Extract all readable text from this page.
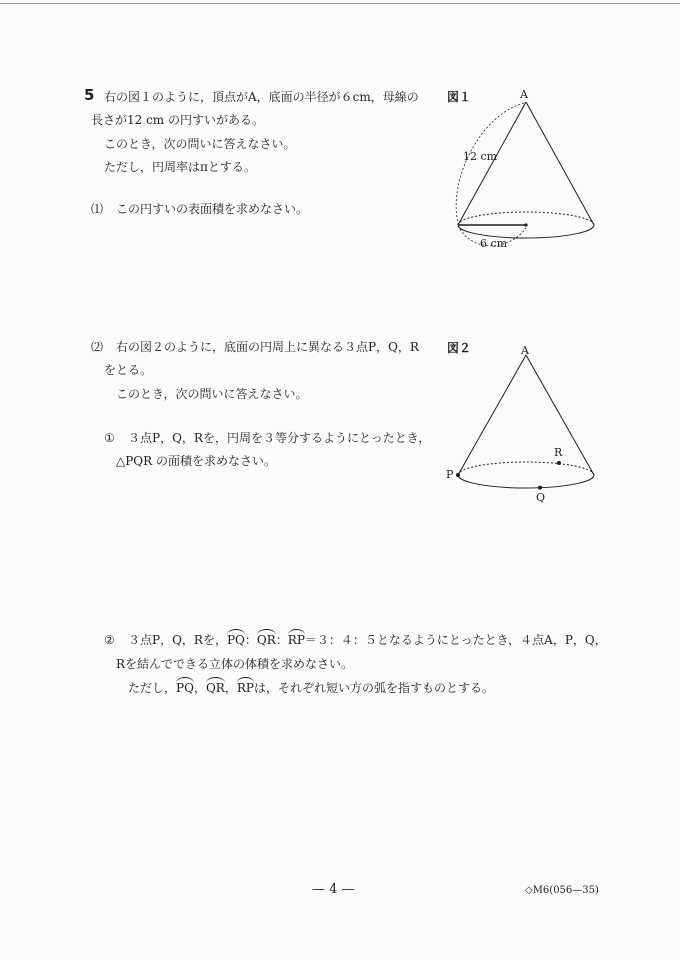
5 右の図１のように，頂点がA，底面の半径が６cm，母線の
長さが12 cm の円すいがある。
このとき，次の問いに答えなさい。
ただし，円周率はπとする。
⑴ この円すいの表面積を求めなさい。
⑵ 右の図２のように，底面の円周上に異なる３点P，Q，R
をとる。
このとき，次の問いに答えなさい。
① ３点P，Q，Rを，円周を３等分するようにとったとき，
△PQR の面積を求めなさい。
② ３点P，Q，Rを，PQ：QR：RP＝３：４：５となるようにとったとき，４点A，P，Q，
Rを結んでできる立体の体積を求めなさい。
ただし，PQ，QR，RPは，それぞれ短い方の弧を指すものとする。
図１	A
12 cm
6 cm
図２	A
P
Q
R
— 4 —	◇M6(056—35)
